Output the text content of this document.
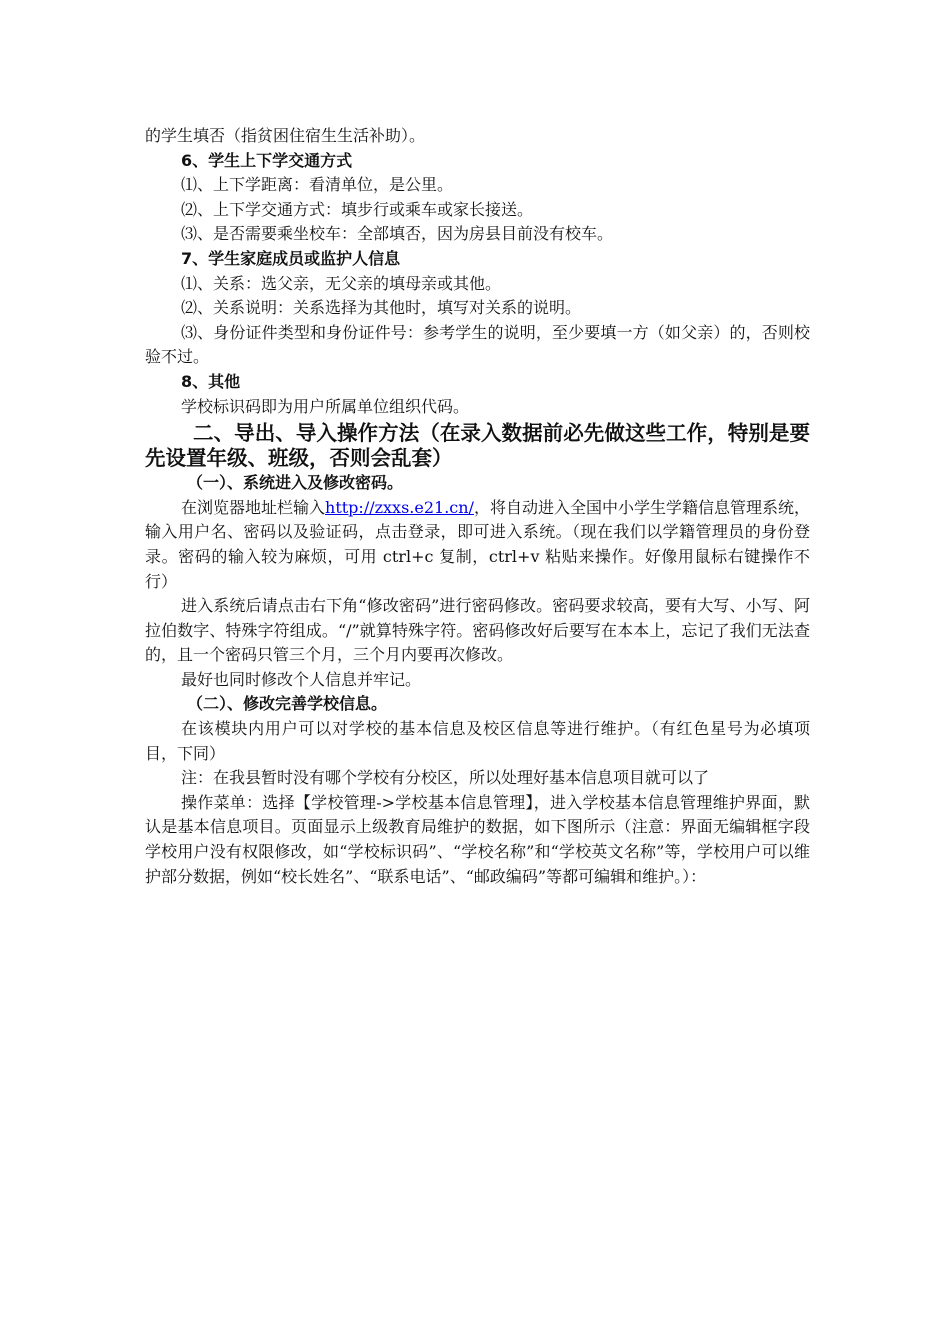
的学生填否（指贫困住宿生生活补助）。

6、学生上下学交通方式

⑴、上下学距离：看清单位，是公里。

⑵、上下学交通方式：填步行或乘车或家长接送。

⑶、是否需要乘坐校车：全部填否，因为房县目前没有校车。

7、学生家庭成员或监护人信息

⑴、关系：选父亲，无父亲的填母亲或其他。

⑵、关系说明：关系选择为其他时，填写对关系的说明。

⑶、身份证件类型和身份证件号：参考学生的说明，至少要填一方（如父亲）的，否则校验不过。

8、其他

学校标识码即为用户所属单位组织代码。

二、导出、导入操作方法（在录入数据前必先做这些工作，特别是要先设置年级、班级，否则会乱套）

（一）、系统进入及修改密码。

在浏览器地址栏输入http://zxxs.e21.cn/，将自动进入全国中小学生学籍信息管理系统，输入用户名、密码以及验证码，点击登录，即可进入系统。（现在我们以学籍管理员的身份登录。密码的输入较为麻烦，可用 ctrl+c 复制，ctrl+v 粘贴来操作。好像用鼠标右键操作不行）

进入系统后请点击右下角“修改密码”进行密码修改。密码要求较高，要有大写、小写、阿拉伯数字、特殊字符组成。“/”就算特殊字符。密码修改好后要写在本本上，忘记了我们无法查的，且一个密码只管三个月，三个月内要再次修改。

最好也同时修改个人信息并牢记。

（二）、修改完善学校信息。

在该模块内用户可以对学校的基本信息及校区信息等进行维护。（有红色星号为必填项目，下同）

注：在我县暂时没有哪个学校有分校区，所以处理好基本信息项目就可以了

操作菜单：选择【学校管理->学校基本信息管理】，进入学校基本信息管理维护界面，默认是基本信息项目。页面显示上级教育局维护的数据，如下图所示（注意：界面无编辑框字段学校用户没有权限修改，如“学校标识码”、“学校名称”和“学校英文名称”等，学校用户可以维护部分数据，例如“校长姓名”、“联系电话”、“邮政编码”等都可编辑和维护。）：
